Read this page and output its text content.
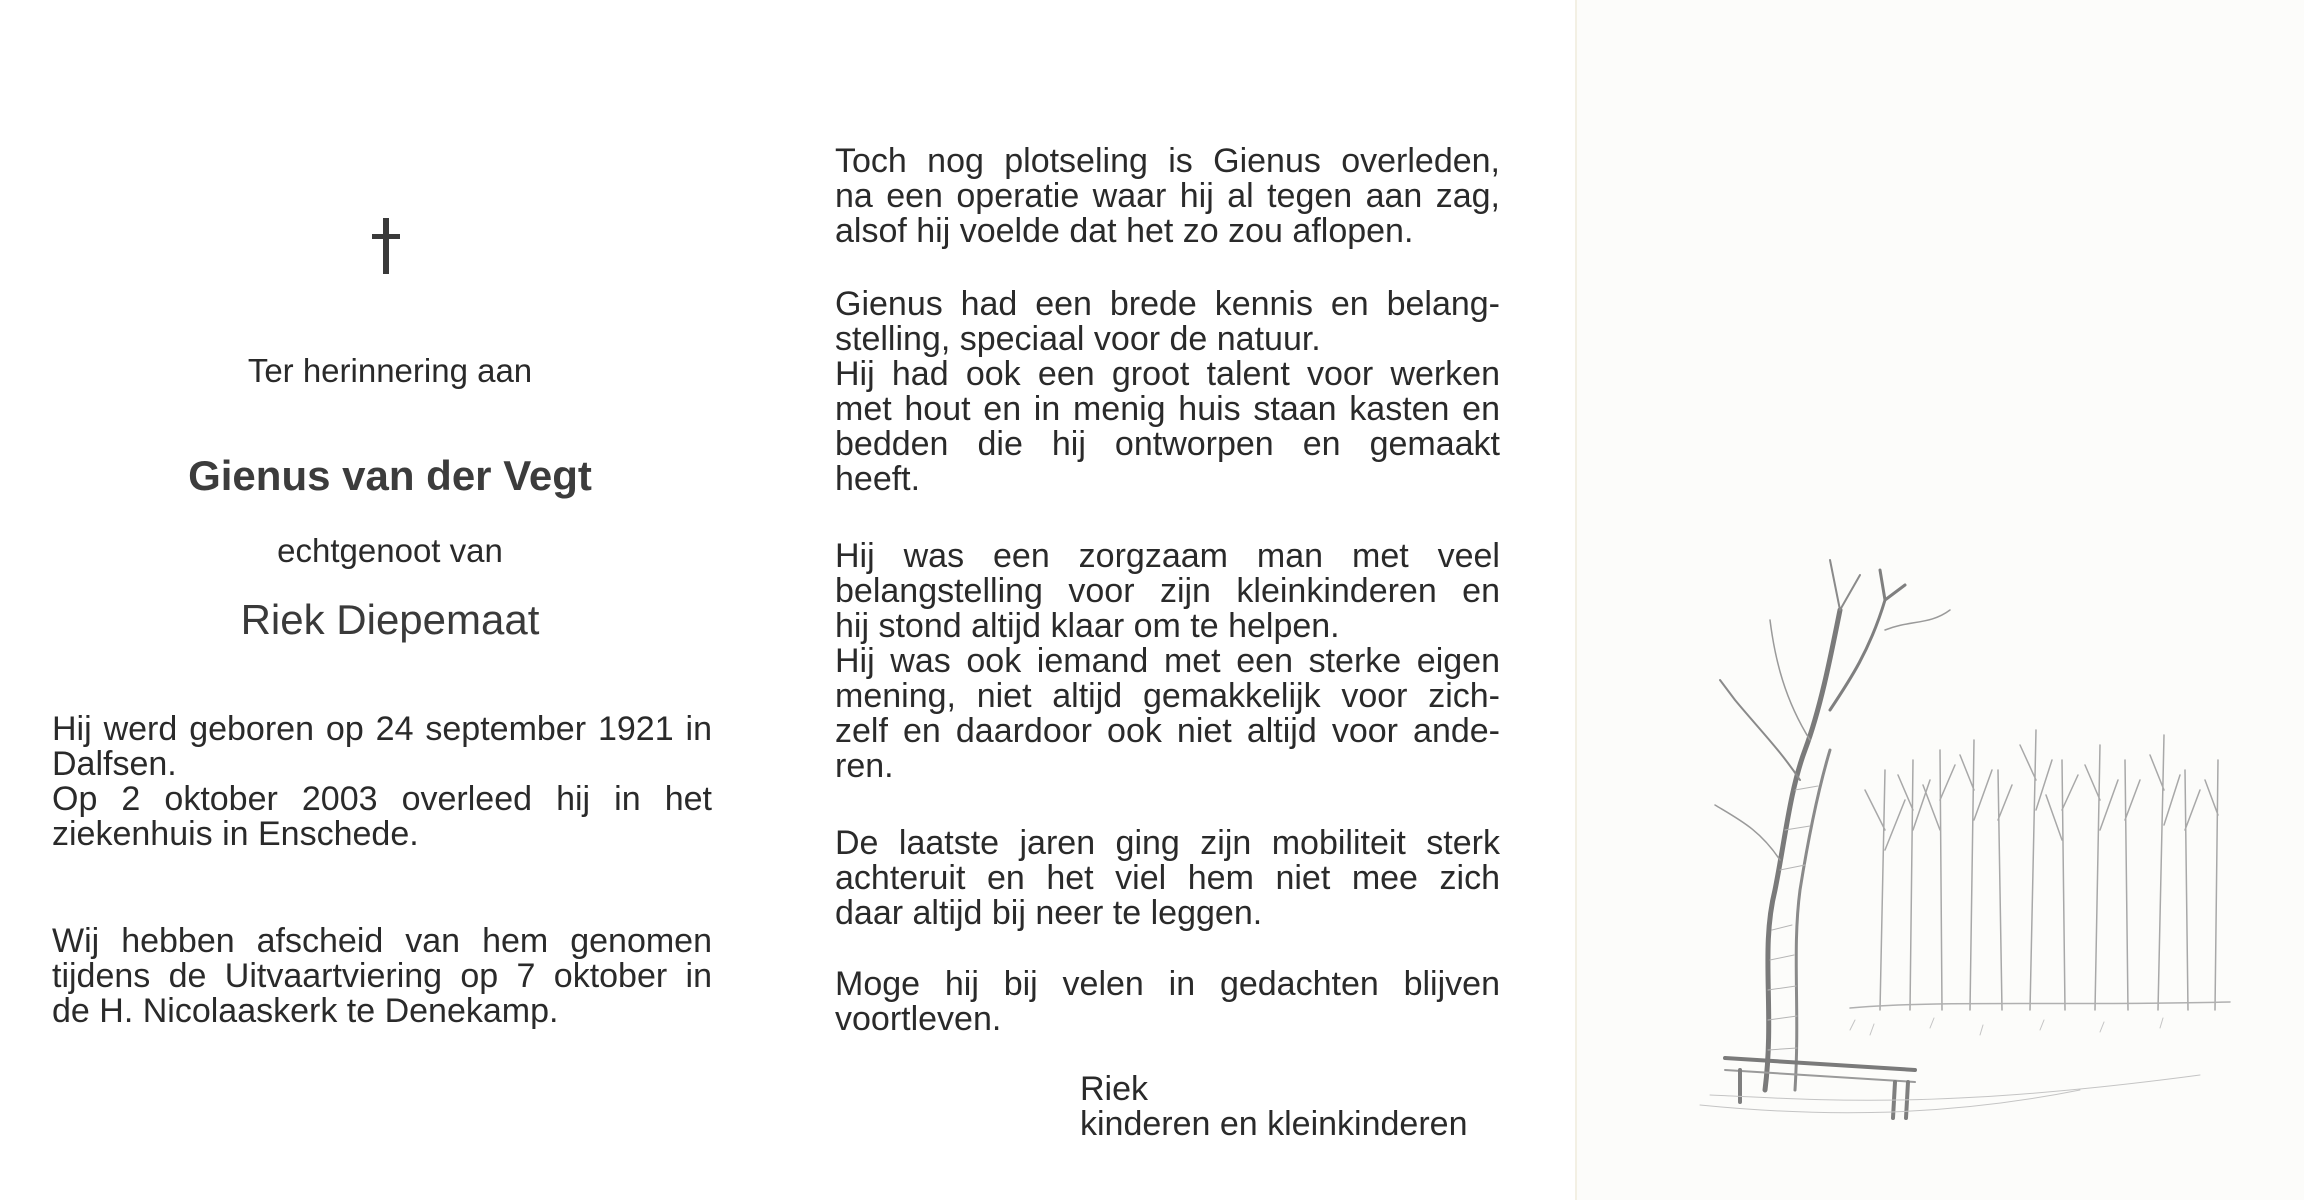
Ter herinnering aan
Gienus van der Vegt
echtgenoot van
Riek Diepemaat

Hij werd geboren op 24 september 1921 in
Dalfsen.
Op 2 oktober 2003 overleed hij in het
ziekenhuis in Enschede.

Wij hebben afscheid van hem genomen
tijdens de Uitvaartviering op 7 oktober in
de H. Nicolaaskerk te Denekamp.

Toch nog plotseling is Gienus overleden,
na een operatie waar hij al tegen aan zag,
alsof hij voelde dat het zo zou aflopen.

Gienus had een brede kennis en belang-
stelling, speciaal voor de natuur.
Hij had ook een groot talent voor werken
met hout en in menig huis staan kasten en
bedden die hij ontworpen en gemaakt
heeft.

Hij was een zorgzaam man met veel
belangstelling voor zijn kleinkinderen en
hij stond altijd klaar om te helpen.
Hij was ook iemand met een sterke eigen
mening, niet altijd gemakkelijk voor zich-
zelf en daardoor ook niet altijd voor ande-
ren.

De laatste jaren ging zijn mobiliteit sterk
achteruit en het viel hem niet mee zich
daar altijd bij neer te leggen.

Moge hij bij velen in gedachten blijven
voortleven.

Riek
kinderen en kleinkinderen
